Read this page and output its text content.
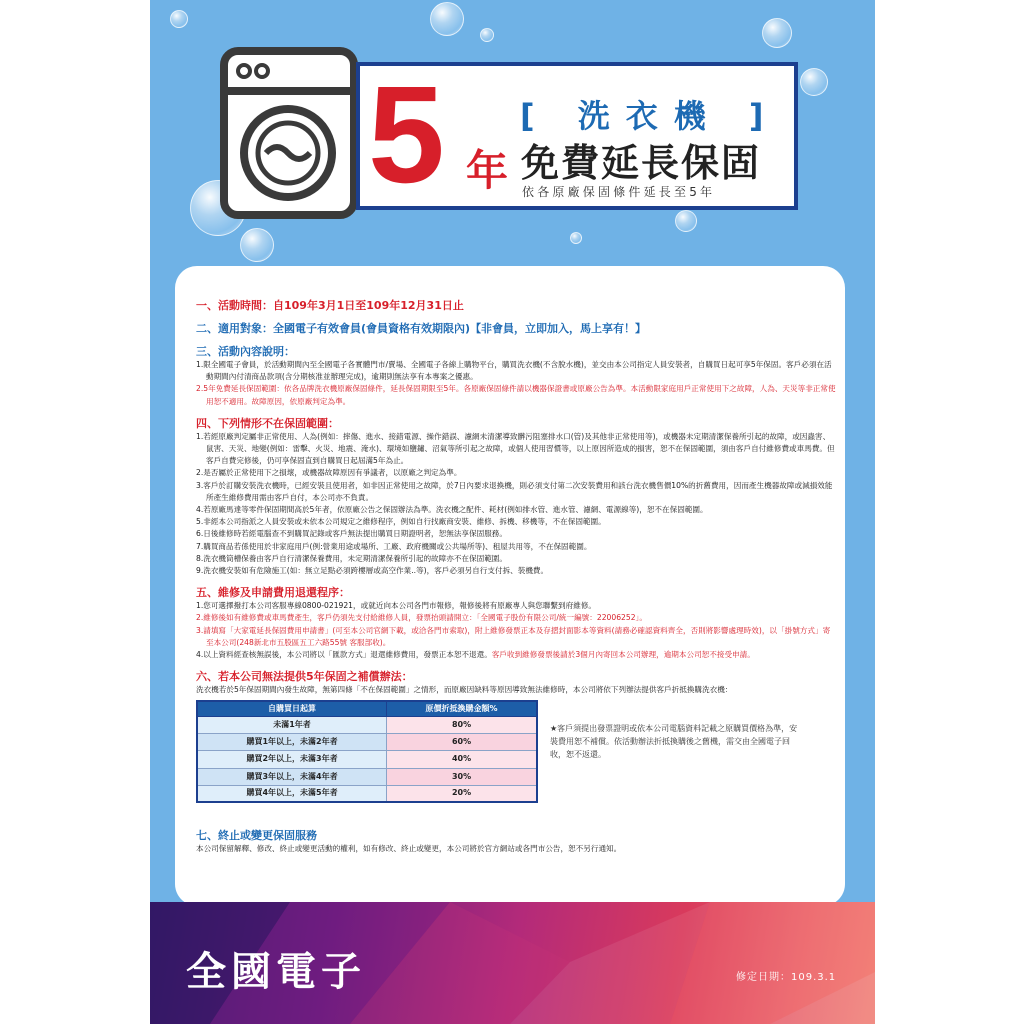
5 年
[ 洗衣機 ]
免費延長保固
依各原廠保固條件延長至5年
一、活動時間：自109年3月1日至109年12月31日止
二、適用對象：全國電子有效會員(會員資格有效期限內)【非會員，立即加入，馬上享有！】
三、活動內容說明：
1.限全國電子會員，於活動期間內至全國電子各實體門市/賣場、全國電子各線上購物平台，購買洗衣機(不含脫水機)，並交由本公司指定人員安裝者，自購買日起可享5年保固。客戶必須在活動期間內付清商品款項(含分期核准並辦理完成)，逾期則無法享有本專案之優惠。
2.5年免費延長保固範圍：依各品牌洗衣機原廠保固條件，延長保固期限至5年。各原廠保固條件請以機器保證書或原廠公告為準。本活動限家庭用戶正常使用下之故障，人為、天災等非正常使用恕不適用。故障原因，依原廠判定為準。
四、下列情形不在保固範圍：
1.若經原廠判定屬非正常使用、人為(例如：摔傷、進水、接錯電源、操作錯誤、濾網未清潔導致髒污阻塞排水口(管)及其他非正常使用等)，或機器未定期清潔保養所引起的故障，或因蟲害、鼠害、天災、地變(例如：雷擊、火災、地震、淹水)、環境如鹽鏽、沼氣等所引起之故障，或個人使用習慣等，以上原因所造成的損害，恕不在保固範圍，須由客戶自付維修費或車馬費。但客戶自費完修後，仍可享保固直到自購買日起屆滿5年為止。
2.是否屬於正常使用下之損壞，或機器故障原因有爭議者，以原廠之判定為準。
3.客戶於訂購安裝洗衣機時，已經安裝且使用者，如非因正常使用之故障，於7日內要求退換機，則必須支付第二次安裝費用和該台洗衣機售價10%的折舊費用，因而產生機器故障或減損效能所產生維修費用需由客戶自付，本公司亦不負責。
4.若原廠馬達等零件保固期間高於5年者，依原廠公告之保固辦法為準。洗衣機之配件、耗材(例如排水管、進水管、濾網、電源線等)，恕不在保固範圍。
5.非經本公司指派之人員安裝或未依本公司規定之維修程序，例如自行找廠商安裝、維修、拆機、移機等，不在保固範圍。
6.日後維修時若經電腦查不到購買記錄或客戶無法提出購買日期證明者，恕無法享保固服務。
7.購買商品若係使用於非家庭用戶(例:營業用途或場所、工廠、政府機關或公共場所等)、租屋共用等，不在保固範圍。
8.洗衣機筒槽保養由客戶自行清潔保養費用，未定期清潔保養所引起的故障亦不在保固範圍。
9.洗衣機安裝如有危險施工(如：無立足點必須跨樓層或高空作業..等)，客戶必須另自行支付拆、裝機費。
五、維修及申請費用退還程序：
1.您可選擇撥打本公司客服專線0800-021921，或就近向本公司各門市報修，報修後將有原廠專人與您聯繫到府維修。
2.維修後如有維修費或車馬費產生，客戶仍須先支付給維修人員，發票抬頭請開立：「全國電子股份有限公司/統一編號：22006252」。
3.請填寫「大家電延長保固費用申請書」(可至本公司官網下載，或洽各門市索取)，附上維修發票正本及存摺封面影本等資料(請務必確認資料齊全，否則將影響處理時效)，以「掛號方式」寄至本公司(248新北市五股區五工六路55號 客服部收)。
4.以上資料經查核無誤後，本公司將以「匯款方式」退還維修費用，發票正本恕不退還。客戶收到維修發票後請於3個月內寄回本公司辦理，逾期本公司恕不接受申請。
六、若本公司無法提供5年保固之補償辦法：
洗衣機若於5年保固期間內發生故障，無第四條「不在保固範圍」之情形，而原廠因缺料等原因導致無法維修時，本公司將依下列辦法提供客戶折抵換購洗衣機：
自購買日起算	原價折抵換購金額%
未滿1年者	80%
購買1年以上，未滿2年者	60%
購買2年以上，未滿3年者	40%
購買3年以上，未滿4年者	30%
購買4年以上，未滿5年者	20%
★客戶須提出發票證明或依本公司電腦資料記載之原購買價格為準，安裝費用恕不補償。依活動辦法折抵換購後之舊機，需交由全國電子回收，恕不返還。
七、終止或變更保固服務
本公司保留解釋、修改、終止或變更活動的權利，如有修改、終止或變更，本公司將於官方網站或各門市公告，恕不另行通知。
全國電子	修定日期：109.3.1
